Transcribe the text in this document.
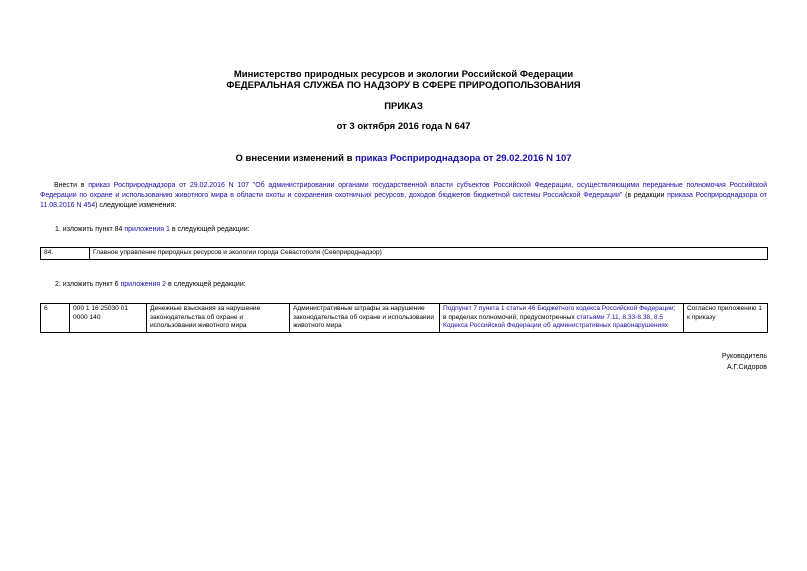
Министерство природных ресурсов и экологии Российской Федерации
ФЕДЕРАЛЬНАЯ СЛУЖБА ПО НАДЗОРУ В СФЕРЕ ПРИРОДОПОЛЬЗОВАНИЯ
ПРИКАЗ
от 3 октября 2016 года N 647
О внесении изменений в приказ Росприроднадзора от 29.02.2016 N 107
Внести в приказ Росприроднадзора от 29.02.2016 N 107 "Об администрировании органами государственной власти субъектов Российской Федерации, осуществляющими переданные полномочия Российской Федерации по охране и использованию животного мира в области охоты и сохранения охотничьих ресурсов, доходов бюджетов бюджетной системы Российской Федерации" (в редакции приказа Росприроднадзора от 11.08.2016 N 454) следующие изменения:
1. изложить пункт 84 приложения 1 в следующей редакции:
84.	Главное управление природных ресурсов и экологии города Севастополя (Севприроднадзор)
2. изложить пункт 6 приложения 2 в следующей редакции:
6	000 1 16 25030 01 0000 140	Денежные взыскания за нарушение законодательства об охране и использовании животного мира	Административные штрафы за нарушение законодательства об охране и использовании животного мира	Подпункт 7 пункта 1 статьи 46 Бюджетного кодекса Российской Федерации; в пределах полномочий, предусмотренных статьями 7.11, 8.33-8.38, 8.5 Кодекса Российской Федерации об административных правонарушениях	Согласно приложению 1 к приказу
Руководитель
А.Г.Сидоров
